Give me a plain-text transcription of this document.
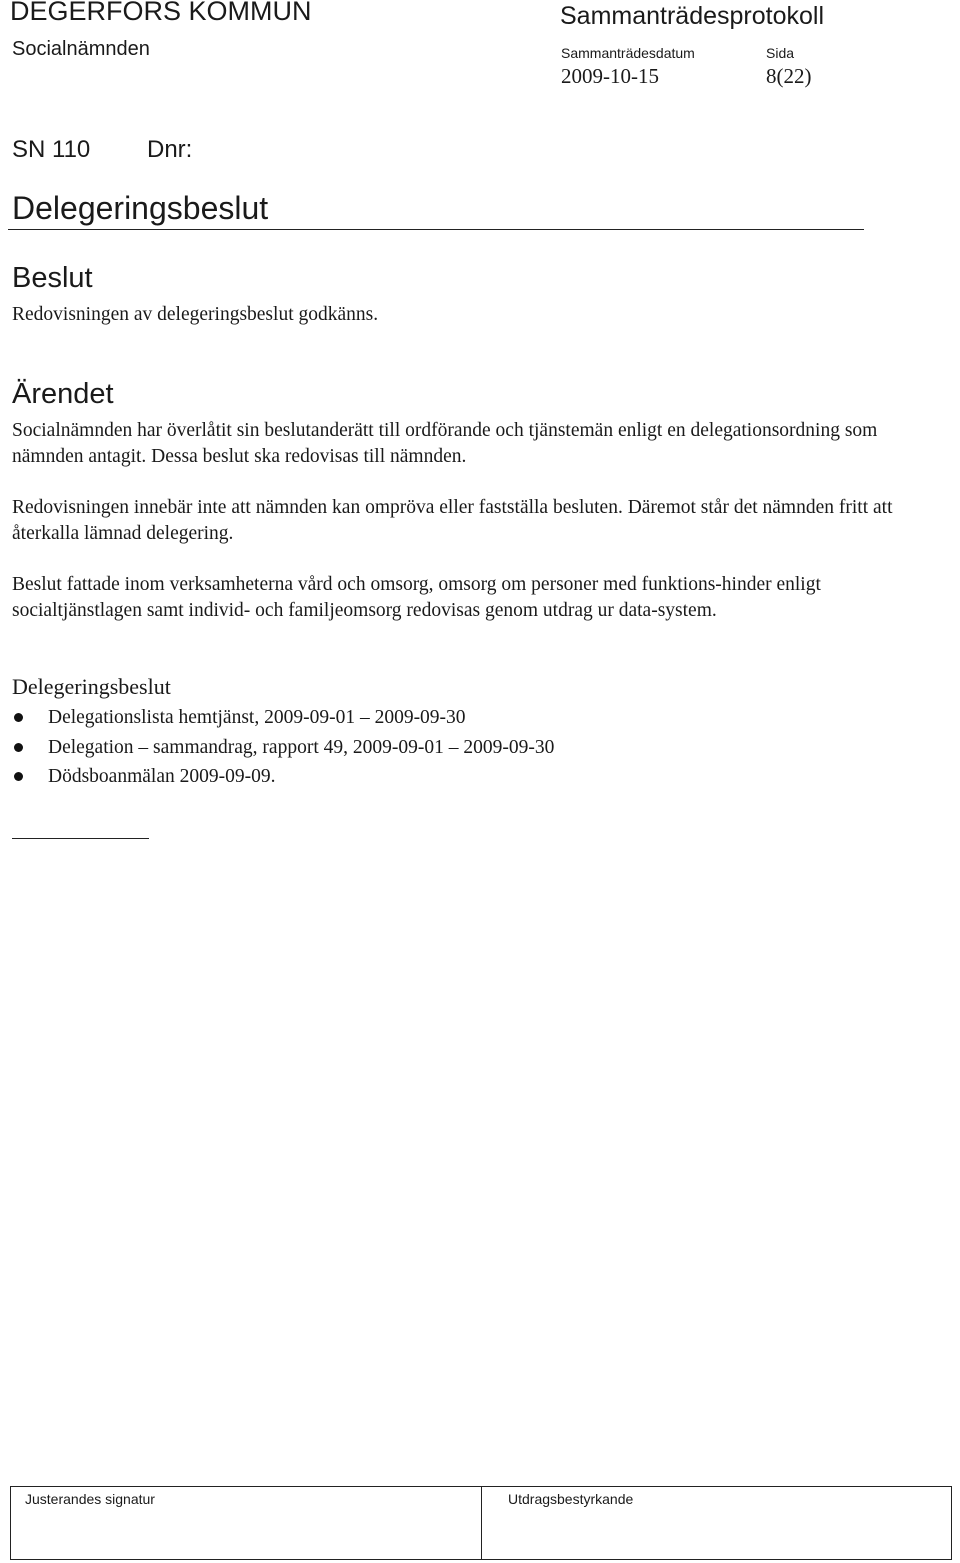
DEGERFORS KOMMUN
Socialnämnden
Sammanträdesprotokoll
Sammanträdesdatum	Sida
2009-10-15	8(22)
SN 110 Dnr:
Delegeringsbeslut
Beslut
Redovisningen av delegeringsbeslut godkänns.
Ärendet
Socialnämnden har överlåtit sin beslutanderätt till ordförande och tjänstemän enligt en delegationsordning som nämnden antagit. Dessa beslut ska redovisas till nämnden.
Redovisningen innebär inte att nämnden kan ompröva eller fastställa besluten. Däremot står det nämnden fritt att återkalla lämnad delegering.
Beslut fattade inom verksamheterna vård och omsorg, omsorg om personer med funktions-hinder enligt socialtjänstlagen samt individ- och familjeomsorg redovisas genom utdrag ur data-system.
Delegeringsbeslut
Delegationslista hemtjänst, 2009-09-01 – 2009-09-30
Delegation – sammandrag, rapport 49, 2009-09-01 – 2009-09-30
Dödsboanmälan 2009-09-09.
Justerandes signatur	Utdragsbestyrkande
